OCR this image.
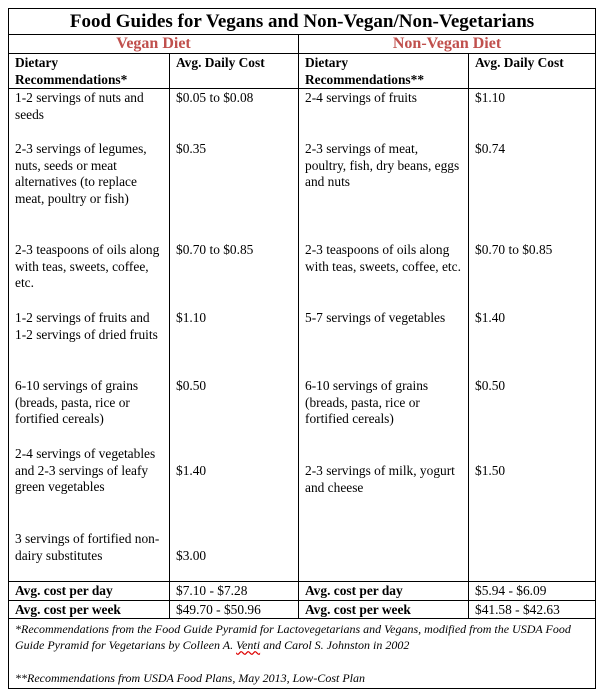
Food Guides for Vegans and Non-Vegan/Non-Vegetarians			
Vegan Diet		Non-Vegan Diet	
Dietary Recommendations*	Avg. Daily Cost	Dietary Recommendations**	Avg. Daily Cost
1-2 servings of nuts and seeds	$0.05 to $0.08	2-4 servings of fruits	$1.10
2-3 servings of legumes, nuts, seeds or meat alternatives (to replace meat, poultry or fish)	$0.35	2-3 servings of meat, poultry, fish, dry beans, eggs and nuts	$0.74
2-3 teaspoons of oils along with teas, sweets, coffee, etc.	$0.70 to $0.85	2-3 teaspoons of oils along with teas, sweets, coffee, etc.	$0.70 to $0.85
1-2 servings of fruits and 1-2 servings of dried fruits	$1.10	5-7 servings of vegetables	$1.40
6-10 servings of grains (breads, pasta, rice or fortified cereals)	$0.50	6-10 servings of grains (breads, pasta, rice or fortified cereals)	$0.50
2-4 servings of vegetables and 2-3 servings of leafy green vegetables	$1.40	2-3 servings of milk, yogurt and cheese	$1.50
3 servings of fortified non-dairy substitutes	$3.00		
Avg. cost per day	$7.10 - $7.28	Avg. cost per day	$5.94 - $6.09
Avg. cost per week	$49.70 - $50.96	Avg. cost per week	$41.58 - $42.63

*Recommendations from the Food Guide Pyramid for Lactovegetarians and Vegans, modified from the USDA Food Guide Pyramid for Vegetarians by Colleen A. Venti and Carol S. Johnston in 2002
**Recommendations from USDA Food Plans, May 2013, Low-Cost Plan			
